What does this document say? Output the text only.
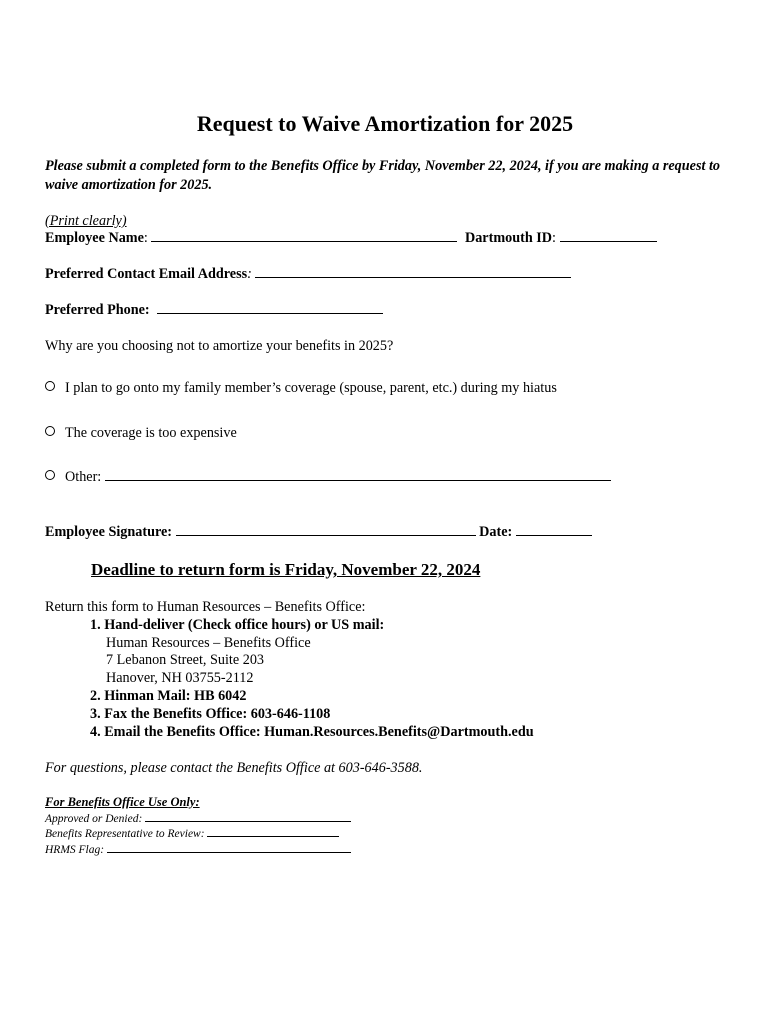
Request to Waive Amortization for 2025

Please submit a completed form to the Benefits Office by Friday, November 22, 2024, if you are making a request to waive amortization for 2025.

(Print clearly)
Employee Name:	Dartmouth ID:
Preferred Contact Email Address:
Preferred Phone:
Why are you choosing not to amortize your benefits in 2025?
I plan to go onto my family member’s coverage (spouse, parent, etc.) during my hiatus
The coverage is too expensive
Other:
Employee Signature:	Date:
Deadline to return form is Friday, November 22, 2024
Return this form to Human Resources – Benefits Office:
1. Hand-deliver (Check office hours) or US mail:
Human Resources – Benefits Office
7 Lebanon Street, Suite 203
Hanover, NH 03755-2112
2. Hinman Mail: HB 6042
3. Fax the Benefits Office: 603-646-1108
4. Email the Benefits Office: Human.Resources.Benefits@Dartmouth.edu
For questions, please contact the Benefits Office at 603-646-3588.
For Benefits Office Use Only:
Approved or Denied:
Benefits Representative to Review:
HRMS Flag:
